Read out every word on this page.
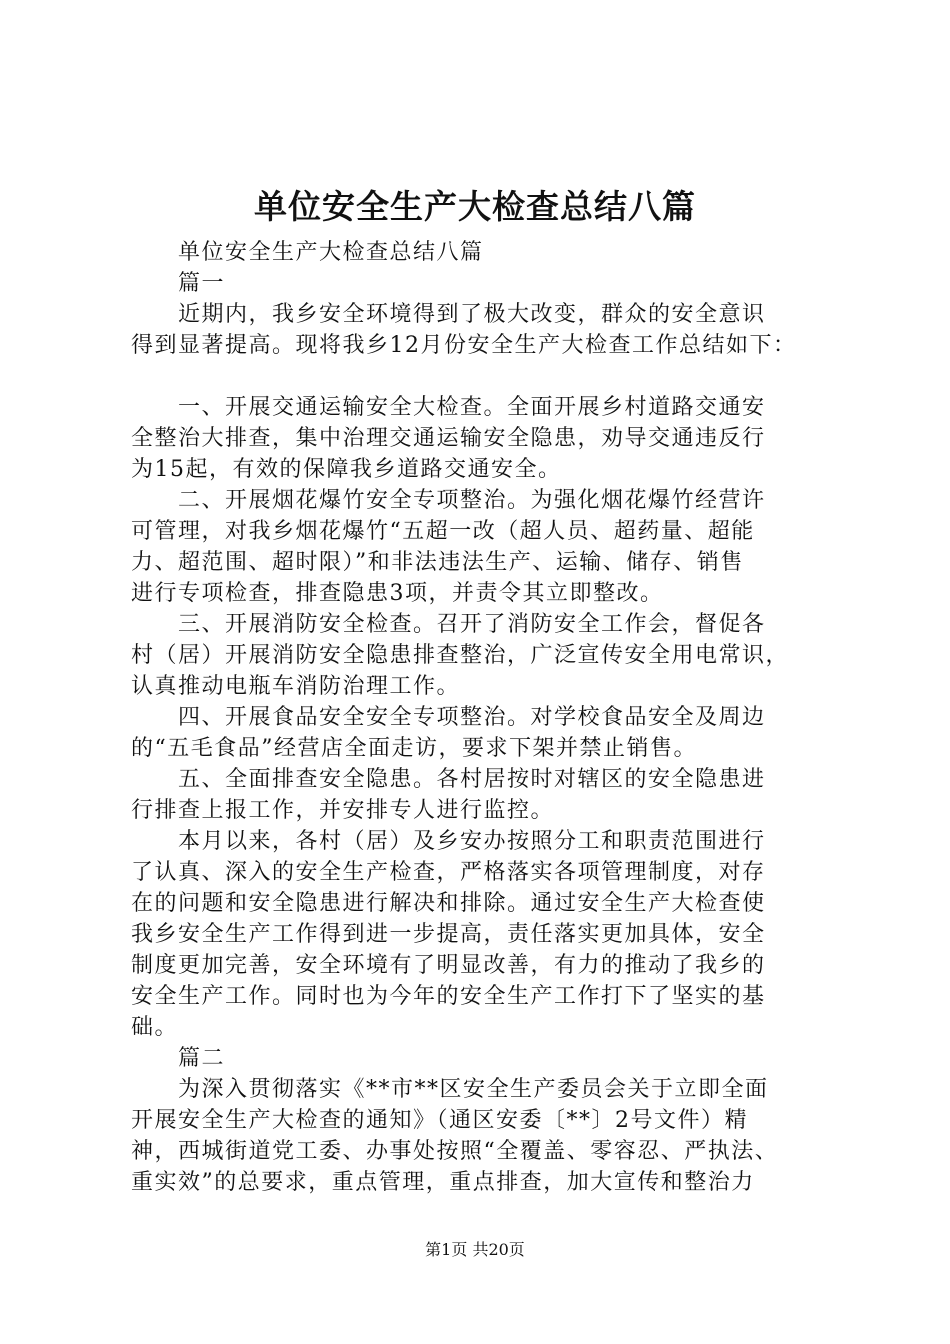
单位安全生产大检查总结八篇
　　单位安全生产大检查总结八篇
　　篇一
　　近期内，我乡安全环境得到了极大改变，群众的安全意识
得到显著提高。现将我乡12月份安全生产大检查工作总结如下：
　　一、开展交通运输安全大检查。全面开展乡村道路交通安
全整治大排查，集中治理交通运输安全隐患，劝导交通违反行
为15起，有效的保障我乡道路交通安全。
　　二、开展烟花爆竹安全专项整治。为强化烟花爆竹经营许
可管理，对我乡烟花爆竹“五超一改（超人员、超药量、超能
力、超范围、超时限）”和非法违法生产、运输、储存、销售
进行专项检查，排查隐患3项，并责令其立即整改。
　　三、开展消防安全检查。召开了消防安全工作会，督促各
村（居）开展消防安全隐患排查整治，广泛宣传安全用电常识，
认真推动电瓶车消防治理工作。
　　四、开展食品安全安全专项整治。对学校食品安全及周边
的“五毛食品”经营店全面走访，要求下架并禁止销售。
　　五、全面排查安全隐患。各村居按时对辖区的安全隐患进
行排查上报工作，并安排专人进行监控。
　　本月以来，各村（居）及乡安办按照分工和职责范围进行
了认真、深入的安全生产检查，严格落实各项管理制度，对存
在的问题和安全隐患进行解决和排除。通过安全生产大检查使
我乡安全生产工作得到进一步提高，责任落实更加具体，安全
制度更加完善，安全环境有了明显改善，有力的推动了我乡的
安全生产工作。同时也为今年的安全生产工作打下了坚实的基
础。
　　篇二
　　为深入贯彻落实《**市**区安全生产委员会关于立即全面
开展安全生产大检查的通知》（通区安委〔**〕2号文件）精
神，西城街道党工委、办事处按照“全覆盖、零容忍、严执法、
重实效”的总要求，重点管理，重点排查，加大宣传和整治力
第1页 共20页
